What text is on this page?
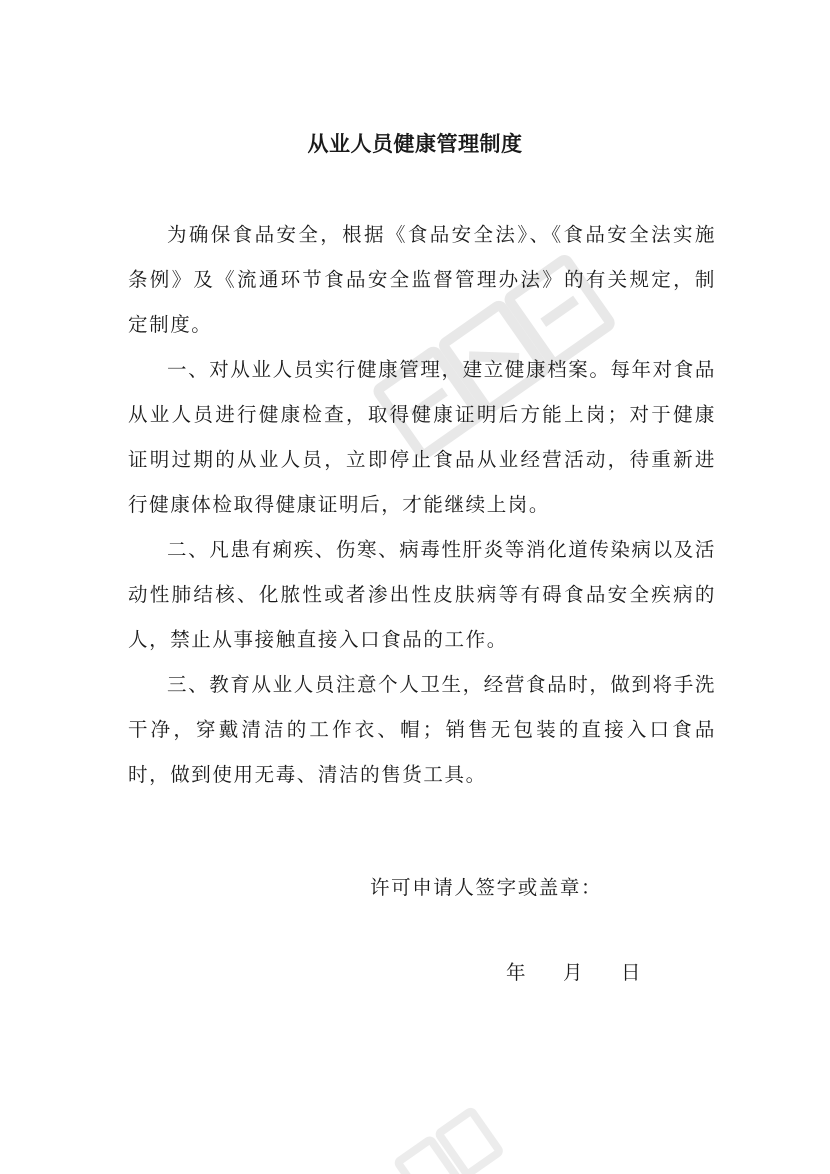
从业人员健康管理制度

为确保食品安全，根据《食品安全法》、《食品安全法实施条例》及《流通环节食品安全监督管理办法》的有关规定，制定制度。

一、对从业人员实行健康管理，建立健康档案。每年对食品从业人员进行健康检查，取得健康证明后方能上岗；对于健康证明过期的从业人员，立即停止食品从业经营活动，待重新进行健康体检取得健康证明后，才能继续上岗。

二、凡患有痢疾、伤寒、病毒性肝炎等消化道传染病以及活动性肺结核、化脓性或者渗出性皮肤病等有碍食品安全疾病的人，禁止从事接触直接入口食品的工作。

三、教育从业人员注意个人卫生，经营食品时，做到将手洗干净，穿戴清洁的工作衣、帽；销售无包装的直接入口食品时，做到使用无毒、清洁的售货工具。

许可申请人签字或盖章：
年 月 日
